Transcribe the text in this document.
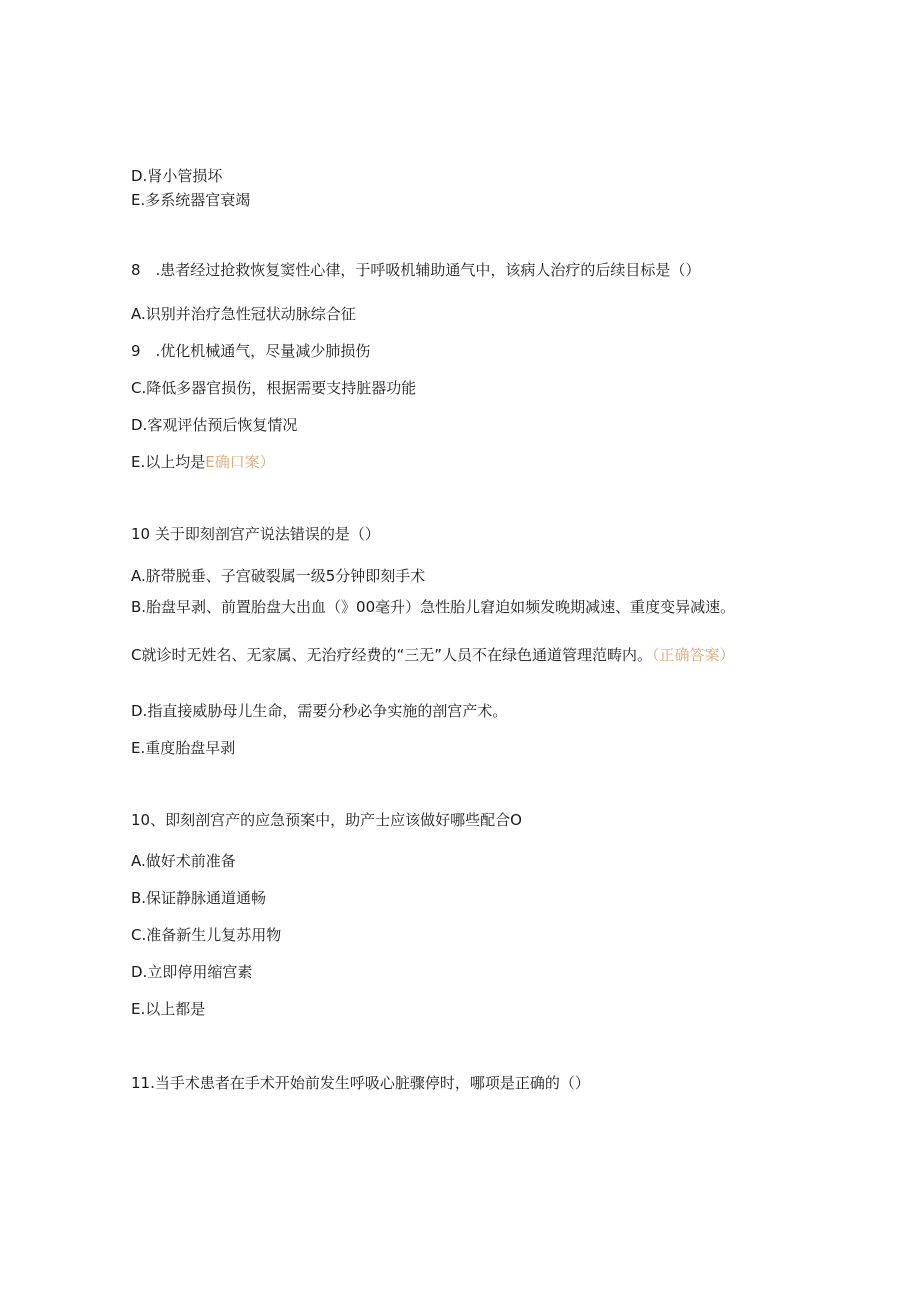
D.肾小管损坏
E.多系统器官衰竭
8　.患者经过抢救恢复窦性心律，于呼吸机辅助通气中，该病人治疗的后续目标是（）
A.识别并治疗急性冠状动脉综合征
9　.优化机械通气，尽量减少肺损伤
C.降低多器官损伤，根据需要支持脏器功能
D.客观评估预后恢复情况
E.以上均是E确口案）
10 关于即刻剖宫产说法错误的是（）
A.脐带脱垂、子宫破裂属一级5分钟即刻手术
B.胎盘早剥、前置胎盘大出血（》00毫升）急性胎儿窘迫如频发晚期减速、重度变异减速。
C就诊时无姓名、无家属、无治疗经费的“三无”人员不在绿色通道管理范畴内。（正确答案）
D.指直接威胁母儿生命，需要分秒必争实施的剖宫产术。
E.重度胎盘早剥
10、即刻剖宫产的应急预案中，助产士应该做好哪些配合O
A.做好术前准备
B.保证静脉通道通畅
C.准备新生儿复苏用物
D.立即停用缩宫素
E.以上都是
11.当手术患者在手术开始前发生呼吸心脏骤停时，哪项是正确的（）
